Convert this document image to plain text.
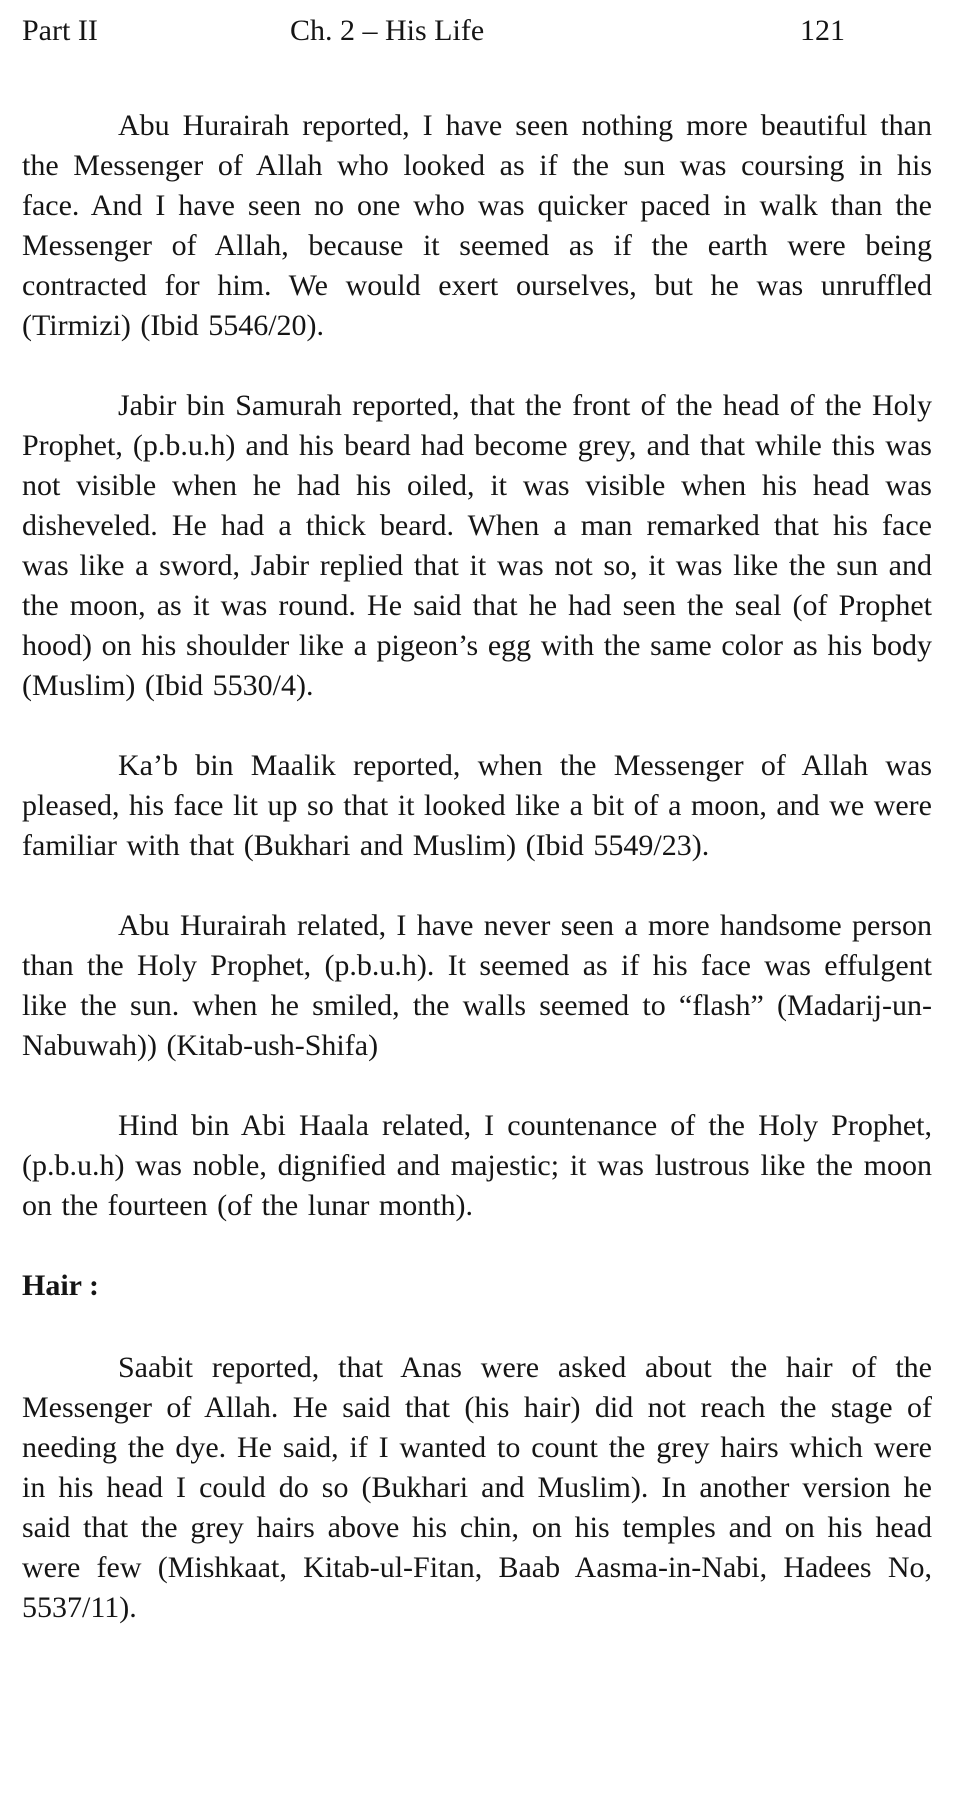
Part II	Ch. 2 – His Life	121

Abu Hurairah reported, I have seen nothing more beautiful than the Messenger of Allah who looked as if the sun was coursing in his face. And I have seen no one who was quicker paced in walk than the Messenger of Allah, because it seemed as if the earth were being contracted for him. We would exert ourselves, but he was unruffled (Tirmizi) (Ibid 5546/20).

Jabir bin Samurah reported, that the front of the head of the Holy Prophet, (p.b.u.h) and his beard had become grey, and that while this was not visible when he had his oiled, it was visible when his head was disheveled. He had a thick beard. When a man remarked that his face was like a sword, Jabir replied that it was not so, it was like the sun and the moon, as it was round. He said that he had seen the seal (of Prophet hood) on his shoulder like a pigeon’s egg with the same color as his body (Muslim) (Ibid 5530/4).

Ka’b bin Maalik reported, when the Messenger of Allah was pleased, his face lit up so that it looked like a bit of a moon, and we were familiar with that (Bukhari and Muslim) (Ibid 5549/23).

Abu Hurairah related, I have never seen a more handsome person than the Holy Prophet, (p.b.u.h). It seemed as if his face was effulgent like the sun. when he smiled, the walls seemed to “flash” (Madarij-un-Nabuwah)) (Kitab-ush-Shifa)

Hind bin Abi Haala related, I countenance of the Holy Prophet, (p.b.u.h) was noble, dignified and majestic; it was lustrous like the moon on the fourteen (of the lunar month).

Hair :

Saabit reported, that Anas were asked about the hair of the Messenger of Allah. He said that (his hair) did not reach the stage of needing the dye. He said, if I wanted to count the grey hairs which were in his head I could do so (Bukhari and Muslim). In another version he said that the grey hairs above his chin, on his temples and on his head were few (Mishkaat, Kitab-ul-Fitan, Baab Aasma-in-Nabi, Hadees No, 5537/11).
